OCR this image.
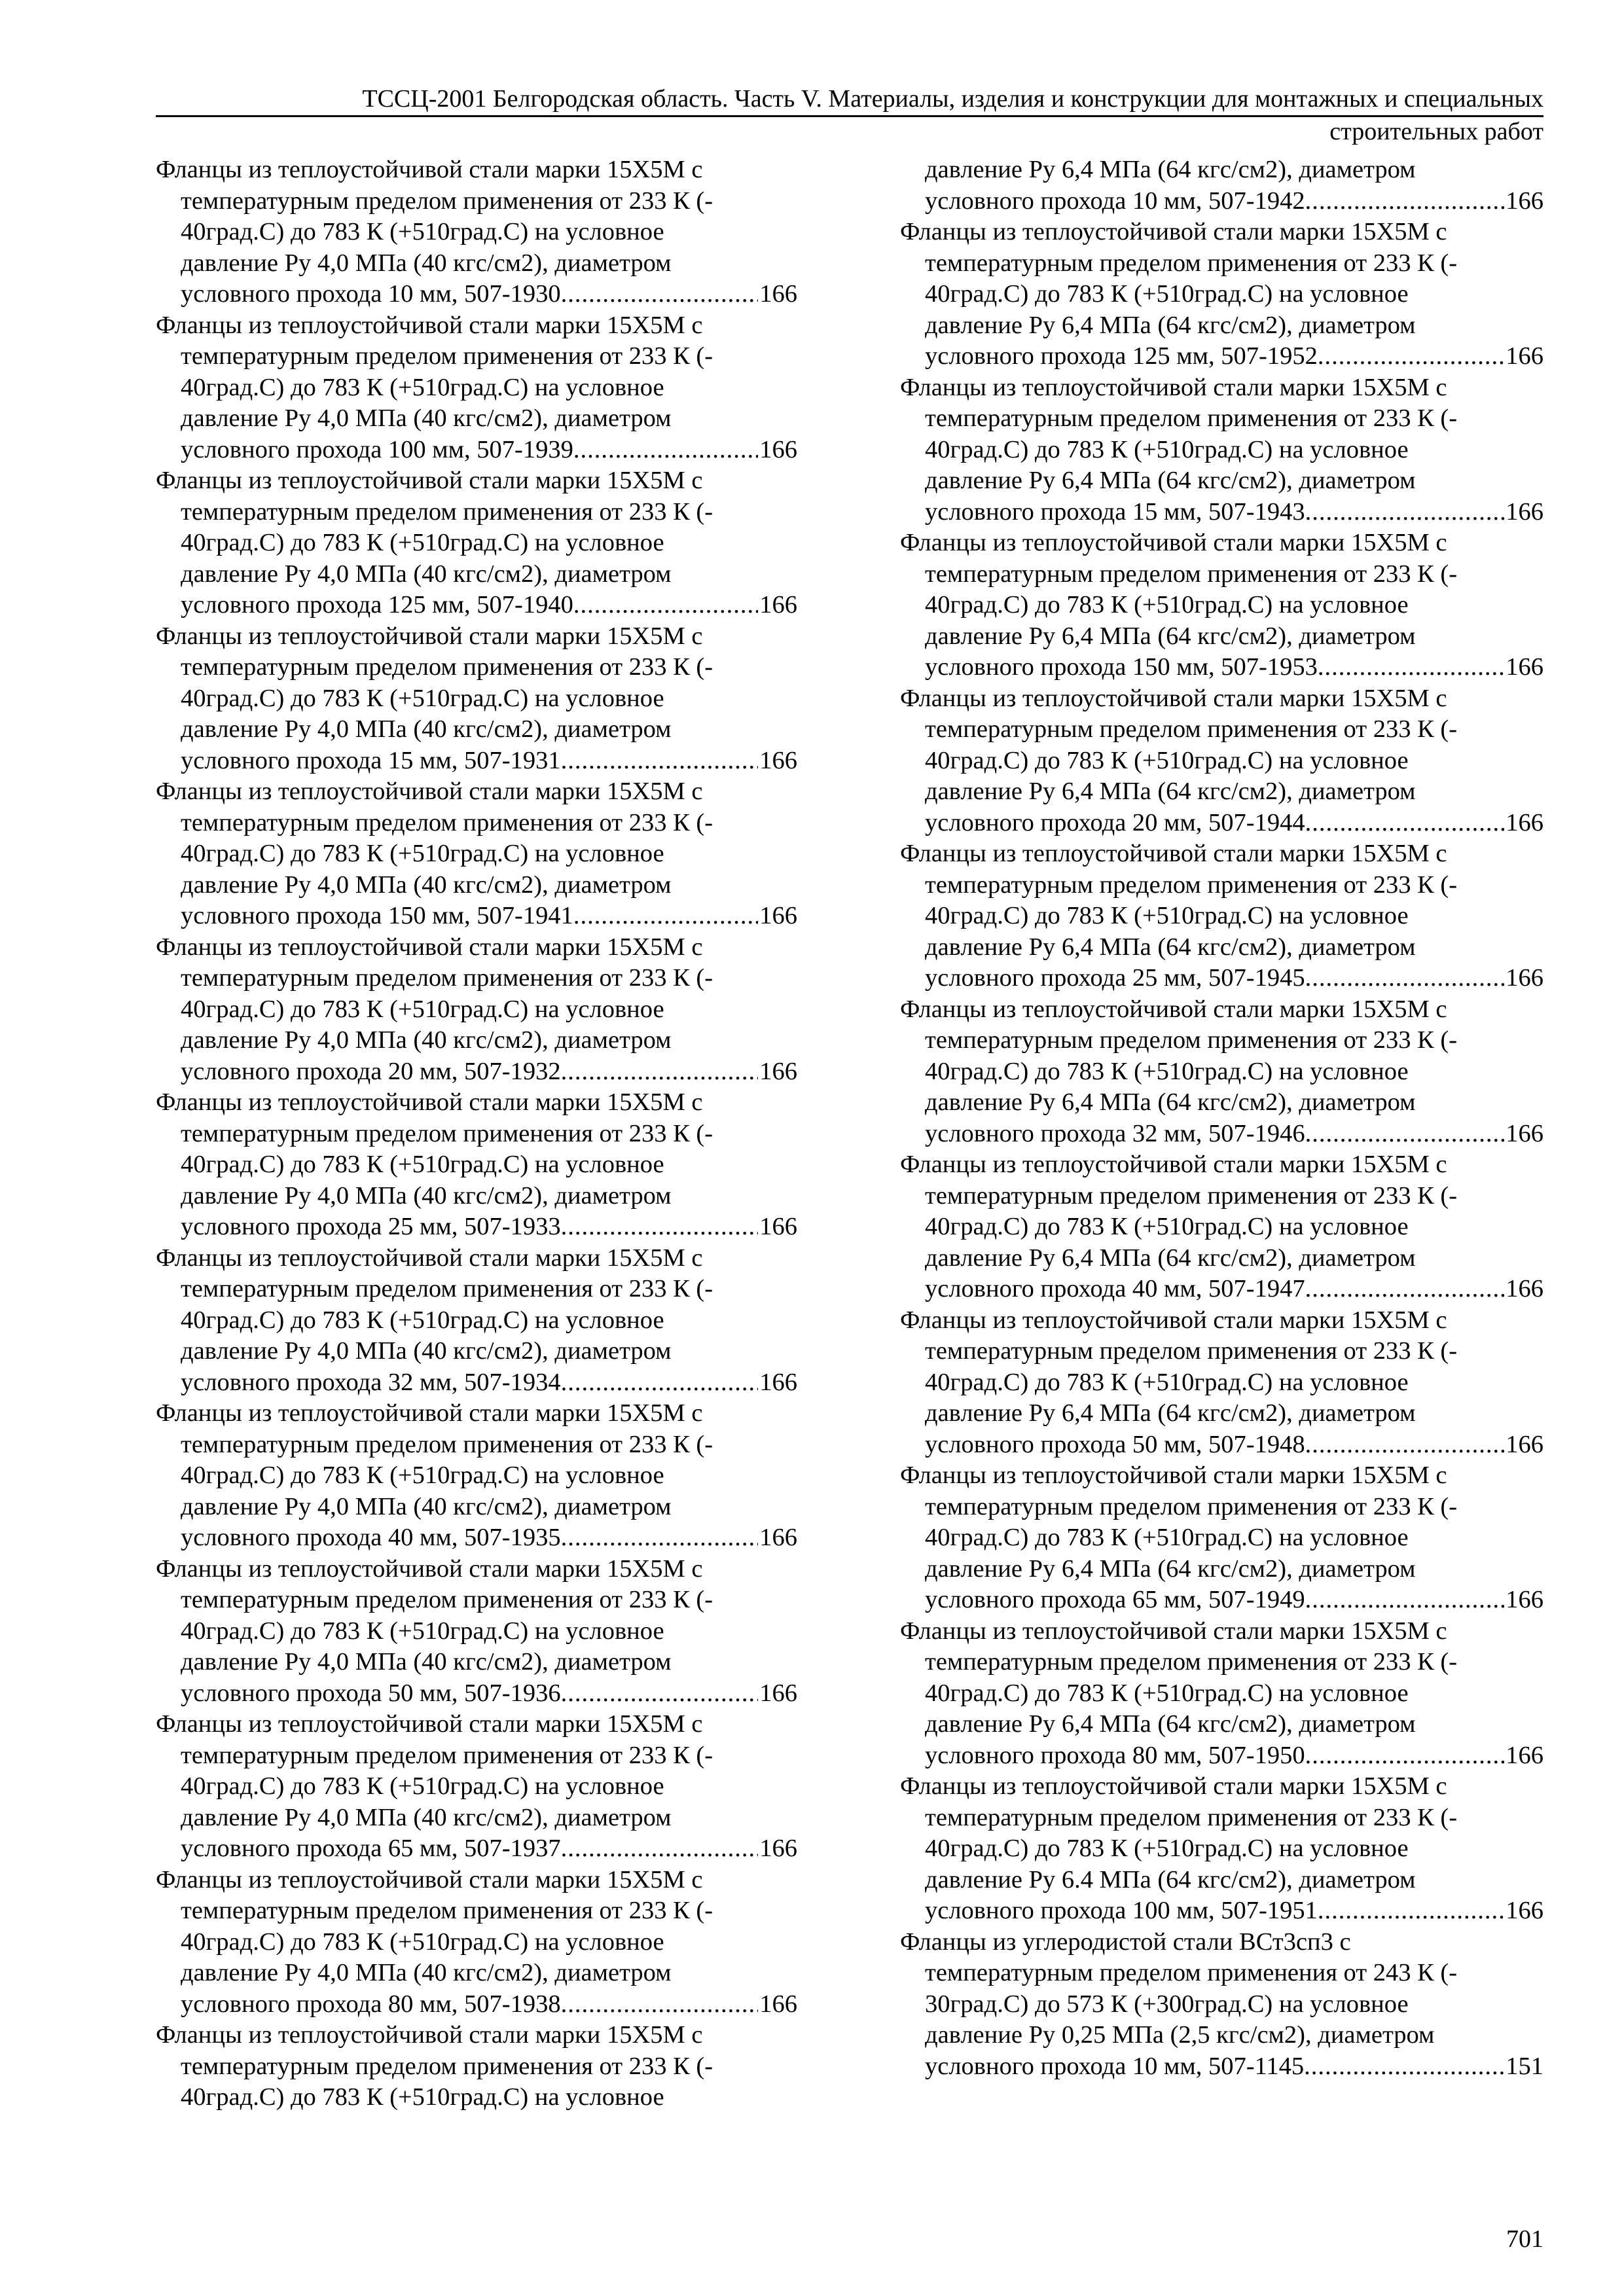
ТССЦ-2001 Белгородская область. Часть V. Материалы, изделия и конструкции для монтажных и специальных
строительных работ
Фланцы из теплоустойчивой стали марки 15Х5М с
температурным пределом применения от 233 К (-
40град.С) до 783 К (+510град.С) на условное
давление Ру 4,0 МПа (40 кгс/см2), диаметром
условного прохода 10 мм, 507-1930 .....	166
Фланцы из теплоустойчивой стали марки 15Х5М с
температурным пределом применения от 233 К (-
40град.С) до 783 К (+510град.С) на условное
давление Ру 4,0 МПа (40 кгс/см2), диаметром
условного прохода 100 мм, 507-1939 .....	166
Фланцы из теплоустойчивой стали марки 15Х5М с
температурным пределом применения от 233 К (-
40град.С) до 783 К (+510град.С) на условное
давление Ру 4,0 МПа (40 кгс/см2), диаметром
условного прохода 125 мм, 507-1940 .....	166
Фланцы из теплоустойчивой стали марки 15Х5М с
температурным пределом применения от 233 К (-
40град.С) до 783 К (+510град.С) на условное
давление Ру 4,0 МПа (40 кгс/см2), диаметром
условного прохода 15 мм, 507-1931 .....	166
Фланцы из теплоустойчивой стали марки 15Х5М с
температурным пределом применения от 233 К (-
40град.С) до 783 К (+510град.С) на условное
давление Ру 4,0 МПа (40 кгс/см2), диаметром
условного прохода 150 мм, 507-1941 .....	166
Фланцы из теплоустойчивой стали марки 15Х5М с
температурным пределом применения от 233 К (-
40град.С) до 783 К (+510град.С) на условное
давление Ру 4,0 МПа (40 кгс/см2), диаметром
условного прохода 20 мм, 507-1932 .....	166
Фланцы из теплоустойчивой стали марки 15Х5М с
температурным пределом применения от 233 К (-
40град.С) до 783 К (+510град.С) на условное
давление Ру 4,0 МПа (40 кгс/см2), диаметром
условного прохода 25 мм, 507-1933 .....	166
Фланцы из теплоустойчивой стали марки 15Х5М с
температурным пределом применения от 233 К (-
40град.С) до 783 К (+510град.С) на условное
давление Ру 4,0 МПа (40 кгс/см2), диаметром
условного прохода 32 мм, 507-1934 .....	166
Фланцы из теплоустойчивой стали марки 15Х5М с
температурным пределом применения от 233 К (-
40град.С) до 783 К (+510град.С) на условное
давление Ру 4,0 МПа (40 кгс/см2), диаметром
условного прохода 40 мм, 507-1935 .....	166
Фланцы из теплоустойчивой стали марки 15Х5М с
температурным пределом применения от 233 К (-
40град.С) до 783 К (+510град.С) на условное
давление Ру 4,0 МПа (40 кгс/см2), диаметром
условного прохода 50 мм, 507-1936 .....	166
Фланцы из теплоустойчивой стали марки 15Х5М с
температурным пределом применения от 233 К (-
40град.С) до 783 К (+510град.С) на условное
давление Ру 4,0 МПа (40 кгс/см2), диаметром
условного прохода 65 мм, 507-1937 .....	166
Фланцы из теплоустойчивой стали марки 15Х5М с
температурным пределом применения от 233 К (-
40град.С) до 783 К (+510град.С) на условное
давление Ру 4,0 МПа (40 кгс/см2), диаметром
условного прохода 80 мм, 507-1938 .....	166
Фланцы из теплоустойчивой стали марки 15Х5М с
температурным пределом применения от 233 К (-
40град.С) до 783 К (+510град.С) на условное
давление Ру 6,4 МПа (64 кгс/см2), диаметром
условного прохода 10 мм, 507-1942 .....	166
Фланцы из теплоустойчивой стали марки 15Х5М с
температурным пределом применения от 233 К (-
40град.С) до 783 К (+510град.С) на условное
давление Ру 6,4 МПа (64 кгс/см2), диаметром
условного прохода 125 мм, 507-1952 .....	166
Фланцы из теплоустойчивой стали марки 15Х5М с
температурным пределом применения от 233 К (-
40град.С) до 783 К (+510град.С) на условное
давление Ру 6,4 МПа (64 кгс/см2), диаметром
условного прохода 15 мм, 507-1943 .....	166
Фланцы из теплоустойчивой стали марки 15Х5М с
температурным пределом применения от 233 К (-
40град.С) до 783 К (+510град.С) на условное
давление Ру 6,4 МПа (64 кгс/см2), диаметром
условного прохода 150 мм, 507-1953 .....	166
Фланцы из теплоустойчивой стали марки 15Х5М с
температурным пределом применения от 233 К (-
40град.С) до 783 К (+510град.С) на условное
давление Ру 6,4 МПа (64 кгс/см2), диаметром
условного прохода 20 мм, 507-1944 .....	166
Фланцы из теплоустойчивой стали марки 15Х5М с
температурным пределом применения от 233 К (-
40град.С) до 783 К (+510град.С) на условное
давление Ру 6,4 МПа (64 кгс/см2), диаметром
условного прохода 25 мм, 507-1945 .....	166
Фланцы из теплоустойчивой стали марки 15Х5М с
температурным пределом применения от 233 К (-
40град.С) до 783 К (+510град.С) на условное
давление Ру 6,4 МПа (64 кгс/см2), диаметром
условного прохода 32 мм, 507-1946 .....	166
Фланцы из теплоустойчивой стали марки 15Х5М с
температурным пределом применения от 233 К (-
40град.С) до 783 К (+510град.С) на условное
давление Ру 6,4 МПа (64 кгс/см2), диаметром
условного прохода 40 мм, 507-1947 .....	166
Фланцы из теплоустойчивой стали марки 15Х5М с
температурным пределом применения от 233 К (-
40град.С) до 783 К (+510град.С) на условное
давление Ру 6,4 МПа (64 кгс/см2), диаметром
условного прохода 50 мм, 507-1948 .....	166
Фланцы из теплоустойчивой стали марки 15Х5М с
температурным пределом применения от 233 К (-
40град.С) до 783 К (+510град.С) на условное
давление Ру 6,4 МПа (64 кгс/см2), диаметром
условного прохода 65 мм, 507-1949 .....	166
Фланцы из теплоустойчивой стали марки 15Х5М с
температурным пределом применения от 233 К (-
40град.С) до 783 К (+510град.С) на условное
давление Ру 6,4 МПа (64 кгс/см2), диаметром
условного прохода 80 мм, 507-1950 .....	166
Фланцы из теплоустойчивой стали марки 15Х5М с
температурным пределом применения от 233 К (-
40град.С) до 783 К (+510град.С) на условное
давление Ру 6.4 МПа (64 кгс/см2), диаметром
условного прохода 100 мм, 507-1951 .....	166
Фланцы из углеродистой стали ВСт3сп3 с
температурным пределом применения от 243 К (-
30град.С) до 573 К (+300град.С) на условное
давление Ру 0,25 МПа (2,5 кгс/см2), диаметром
условного прохода 10 мм, 507-1145 .....	151
701
